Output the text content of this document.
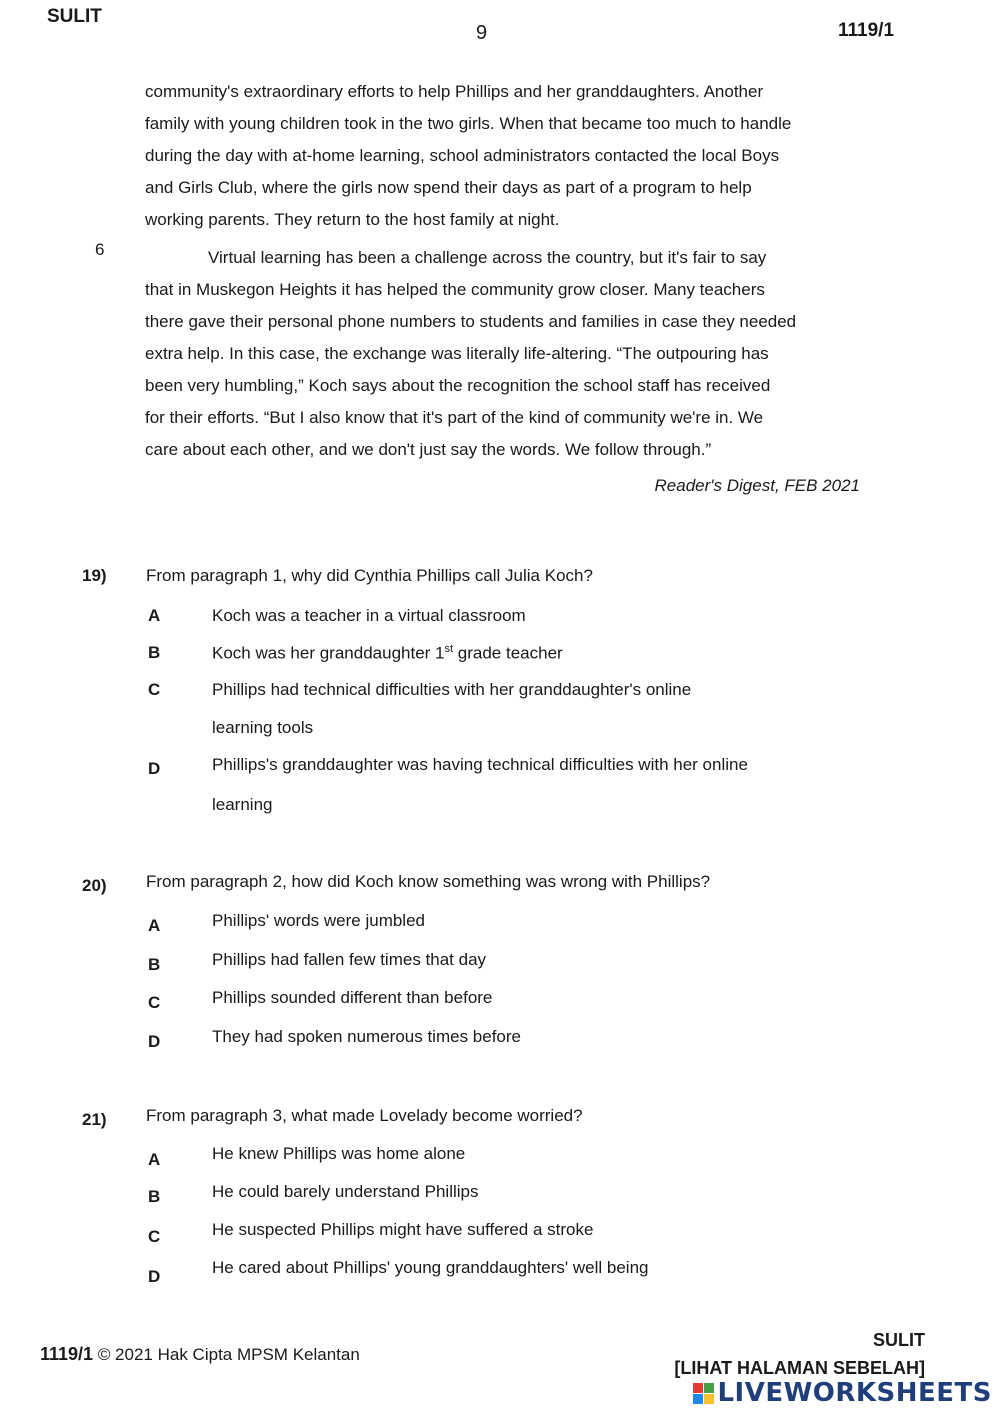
SULIT
9	1119/1
community's extraordinary efforts to help Phillips and her granddaughters. Another
family with young children took in the two girls. When that became too much to handle
during the day with at-home learning, school administrators contacted the local Boys
and Girls Club, where the girls now spend their days as part of a program to help
working parents. They return to the host family at night.
6	Virtual learning has been a challenge across the country, but it's fair to say
that in Muskegon Heights it has helped the community grow closer. Many teachers
there gave their personal phone numbers to students and families in case they needed
extra help. In this case, the exchange was literally life-altering. “The outpouring has
been very humbling,” Koch says about the recognition the school staff has received
for their efforts. “But I also know that it's part of the kind of community we're in. We
care about each other, and we don't just say the words. We follow through.”
Reader's Digest, FEB 2021
19) From paragraph 1, why did Cynthia Phillips call Julia Koch?
A	Koch was a teacher in a virtual classroom
B	Koch was her granddaughter 1st grade teacher
C	Phillips had technical difficulties with her granddaughter's online
learning tools
D	Phillips's granddaughter was having technical difficulties with her online
learning
20) From paragraph 2, how did Koch know something was wrong with Phillips?
A	Phillips' words were jumbled
B	Phillips had fallen few times that day
C	Phillips sounded different than before
D	They had spoken numerous times before
21) From paragraph 3, what made Lovelady become worried?
A	He knew Phillips was home alone
B	He could barely understand Phillips
C	He suspected Phillips might have suffered a stroke
D	He cared about Phillips' young granddaughters' well being
1119/1 © 2021 Hak Cipta MPSM Kelantan
SULIT
[LIHAT HALAMAN SEBELAH]
LIVEWORKSHEETS
